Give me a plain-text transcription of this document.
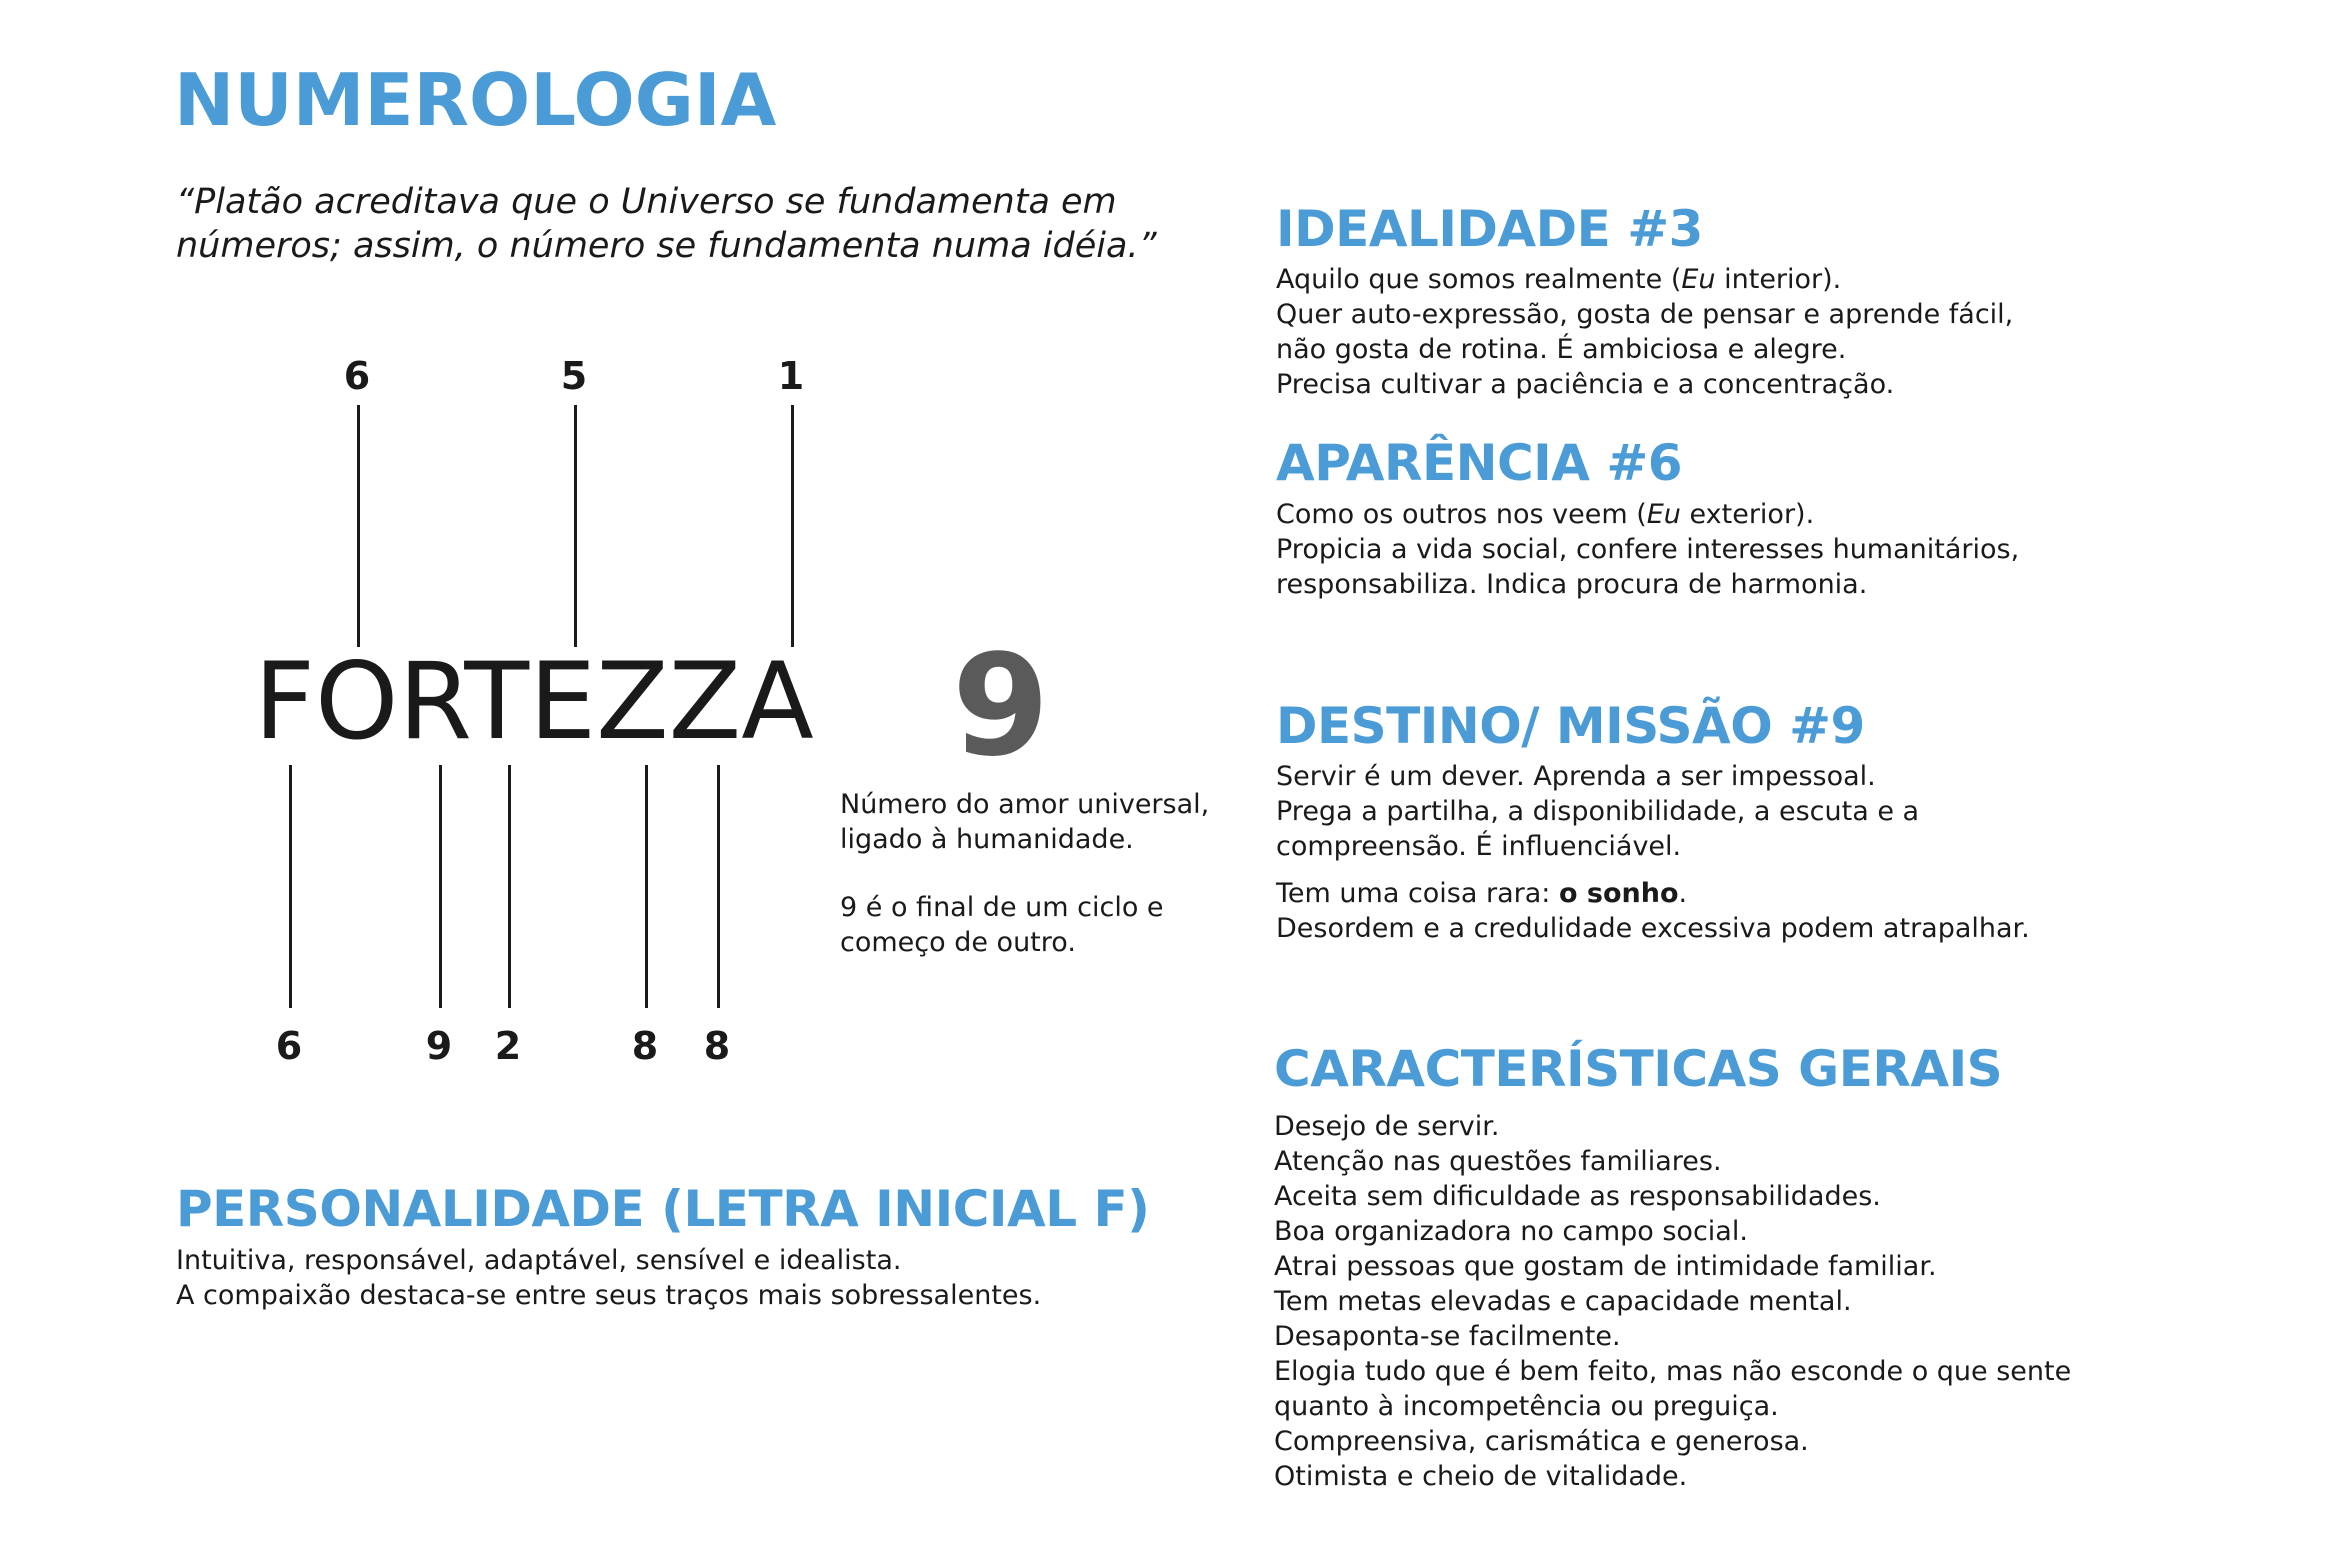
NUMEROLOGIA
“Platão acreditava que o Universo se fundamenta em
números; assim, o número se fundamenta numa idéia.”
6	5	1
FORTEZZA 9
6	9	2	8	8
Número do amor universal,
ligado à humanidade.
9 é o final de um ciclo e
começo de outro.
PERSONALIDADE (LETRA INICIAL F)
Intuitiva, responsável, adaptável, sensível e idealista.
A compaixão destaca-se entre seus traços mais sobressalentes.
IDEALIDADE #3
Aquilo que somos realmente (Eu interior).
Quer auto-expressão, gosta de pensar e aprende fácil,
não gosta de rotina. É ambiciosa e alegre.
Precisa cultivar a paciência e a concentração.
APARÊNCIA #6
Como os outros nos veem (Eu exterior).
Propicia a vida social, confere interesses humanitários,
responsabiliza. Indica procura de harmonia.
DESTINO/ MISSÃO #9
Servir é um dever. Aprenda a ser impessoal.
Prega a partilha, a disponibilidade, a escuta e a
compreensão. É influenciável.
Tem uma coisa rara: o sonho.
Desordem e a credulidade excessiva podem atrapalhar.
CARACTERÍSTICAS GERAIS
Desejo de servir.
Atenção nas questões familiares.
Aceita sem dificuldade as responsabilidades.
Boa organizadora no campo social.
Atrai pessoas que gostam de intimidade familiar.
Tem metas elevadas e capacidade mental.
Desaponta-se facilmente.
Elogia tudo que é bem feito, mas não esconde o que sente
quanto à incompetência ou preguiça.
Compreensiva, carismática e generosa.
Otimista e cheio de vitalidade.
